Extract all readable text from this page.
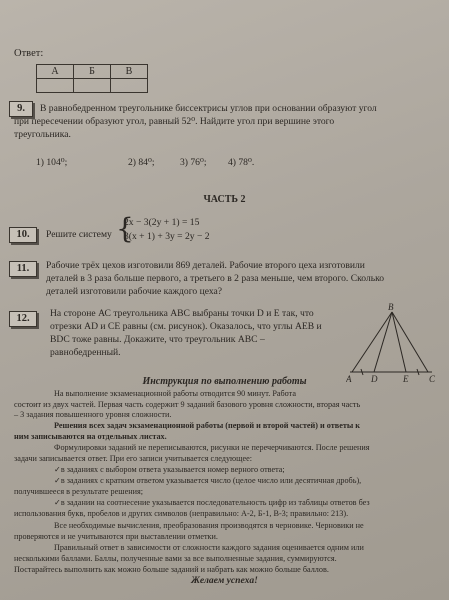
Ответ:
А	Б	В

9.	В равнобедренном треугольнике биссектрисы углов при основании образуют угол
при пересечении образуют угол, равный 52⁰. Найдите угол при вершине этого
треугольника.
1) 104⁰;	2) 84⁰;	3) 76⁰; 4) 78⁰.
ЧАСТЬ 2
10.	Решите систему {
2x − 3(2y + 1) = 15
3(x + 1) + 3y = 2y − 2
11.	Рабочие трёх цехов изготовили 869 деталей. Рабочие второго цеха изготовили
деталей в 3 раза больше первого, а третьего в 2 раза меньше, чем второго. Сколько
деталей изготовили рабочие каждого цеха?
12.	На стороне АС треугольника АВС выбраны точки D и E так, что
отрезки AD и CE равны (см. рисунок). Оказалось, что углы AEB и
BDC тоже равны. Докажите, что треугольник АВС –
равнобедренный.
B
A D	E C
Инструкция по выполнению работы
На выполнение экзаменационной работы отводится 90 минут. Работа
состоит из двух частей. Первая часть содержит 9 заданий базового уровня сложности, вторая часть
– 3 задания повышенного уровня сложности.
Решения всех задач экзаменационной работы (первой и второй частей) и ответы к
ним записываются на отдельных листах.
Формулировки заданий не переписываются, рисунки не перечерчиваются. После решения
задачи записывается ответ. При его записи учитывается следующее:
✓в заданиях с выбором ответа указывается номер верного ответа;
✓в заданиях с кратким ответом указывается число (целое число или десятичная дробь),
получившееся в результате решения;
✓в задании на соотнесение указывается последовательность цифр из таблицы ответов без
использования букв, пробелов и других символов (неправильно: А-2, Б-1, В-3; правильно: 213).
Все необходимые вычисления, преобразования производятся в черновике. Черновики не
проверяются и не учитываются при выставлении отметки.
Правильный ответ в зависимости от сложности каждого задания оценивается одним или
несколькими баллами. Баллы, полученные вами за все выполненные задания, суммируются.
Постарайтесь выполнить как можно больше заданий и набрать как можно больше баллов.
Желаем успеха!
